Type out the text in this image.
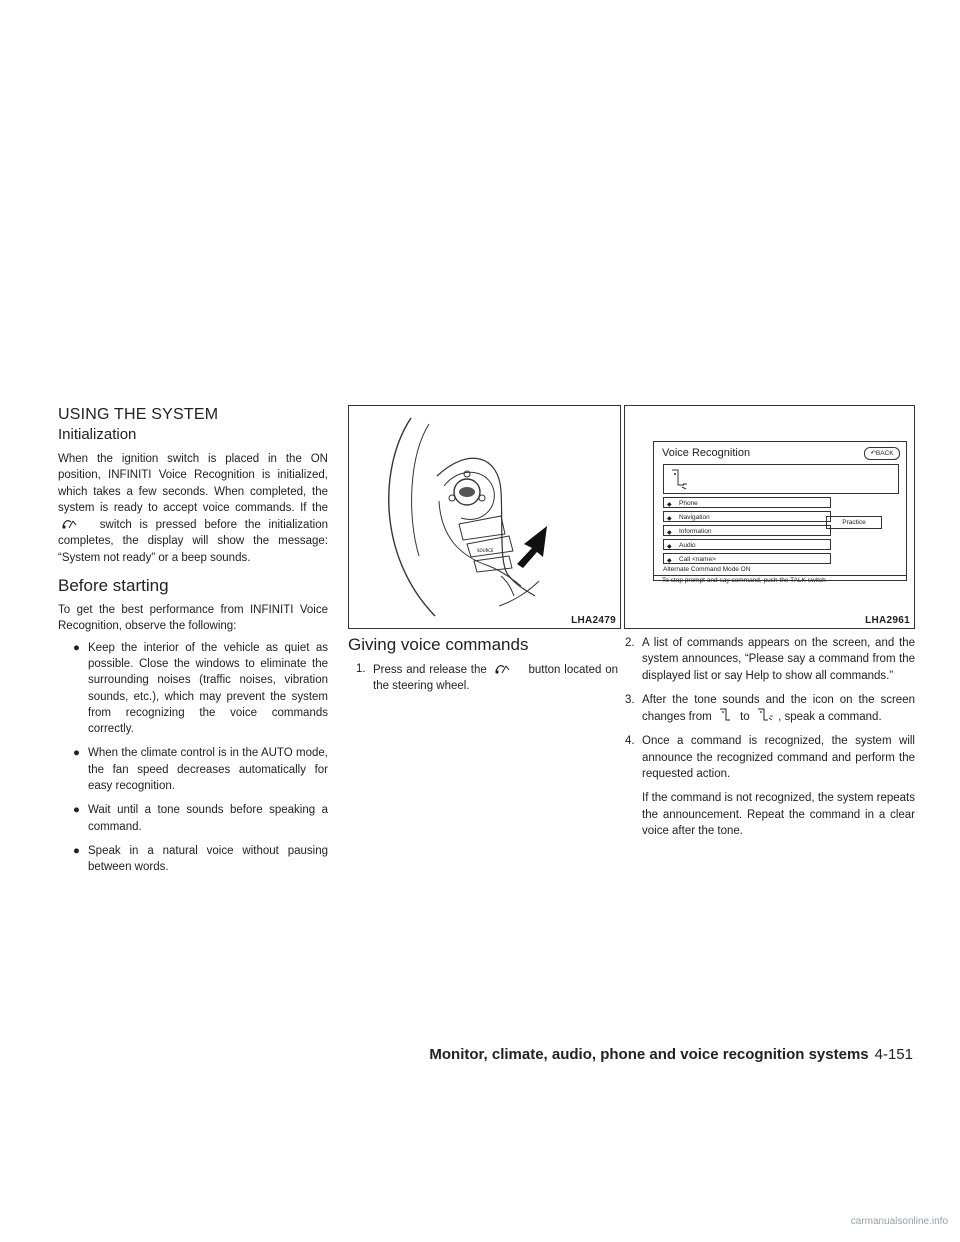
USING THE SYSTEM
Initialization

When the ignition switch is placed in the ON position, INFINITI Voice Recognition is initialized, which takes a few seconds. When completed, the system is ready to accept voice commands. If the  switch is pressed before the initialization completes, the display will show the message: “System not ready” or a beep sounds.

Before starting

To get the best performance from INFINITI Voice Recognition, observe the following:

● Keep the interior of the vehicle as quiet as possible. Close the windows to eliminate the surrounding noises (traffic noises, vibration sounds, etc.), which may prevent the system from recognizing the voice commands correctly.
● When the climate control is in the AUTO mode, the fan speed decreases automatically for easy recognition.
● Wait until a tone sounds before speaking a command.
● Speak in a natural voice without pausing between words.
SOURCE
LHA2479
Voice Recognition	↶BACK
◆ Phone
◆ Navigation
◆ Information
◆ Audio
◆ Call <name>
Practice
Alternate Command Mode ON
To stop prompt and say command, push the TALK switch
LHA2961
Giving voice commands
1. Press and release the	button located on the steering wheel.
2. A list of commands appears on the screen, and the system announces, “Please say a command from the displayed list or say Help to show all commands.”
3. After the tone sounds and the icon on the screen changes from to , speak a command.
4. Once a command is recognized, the system will announce the recognized command and perform the requested action.
If the command is not recognized, the system repeats the announcement. Repeat the command in a clear voice after the tone.
Monitor, climate, audio, phone and voice recognition systems 4-151
carmanualsonline.info
